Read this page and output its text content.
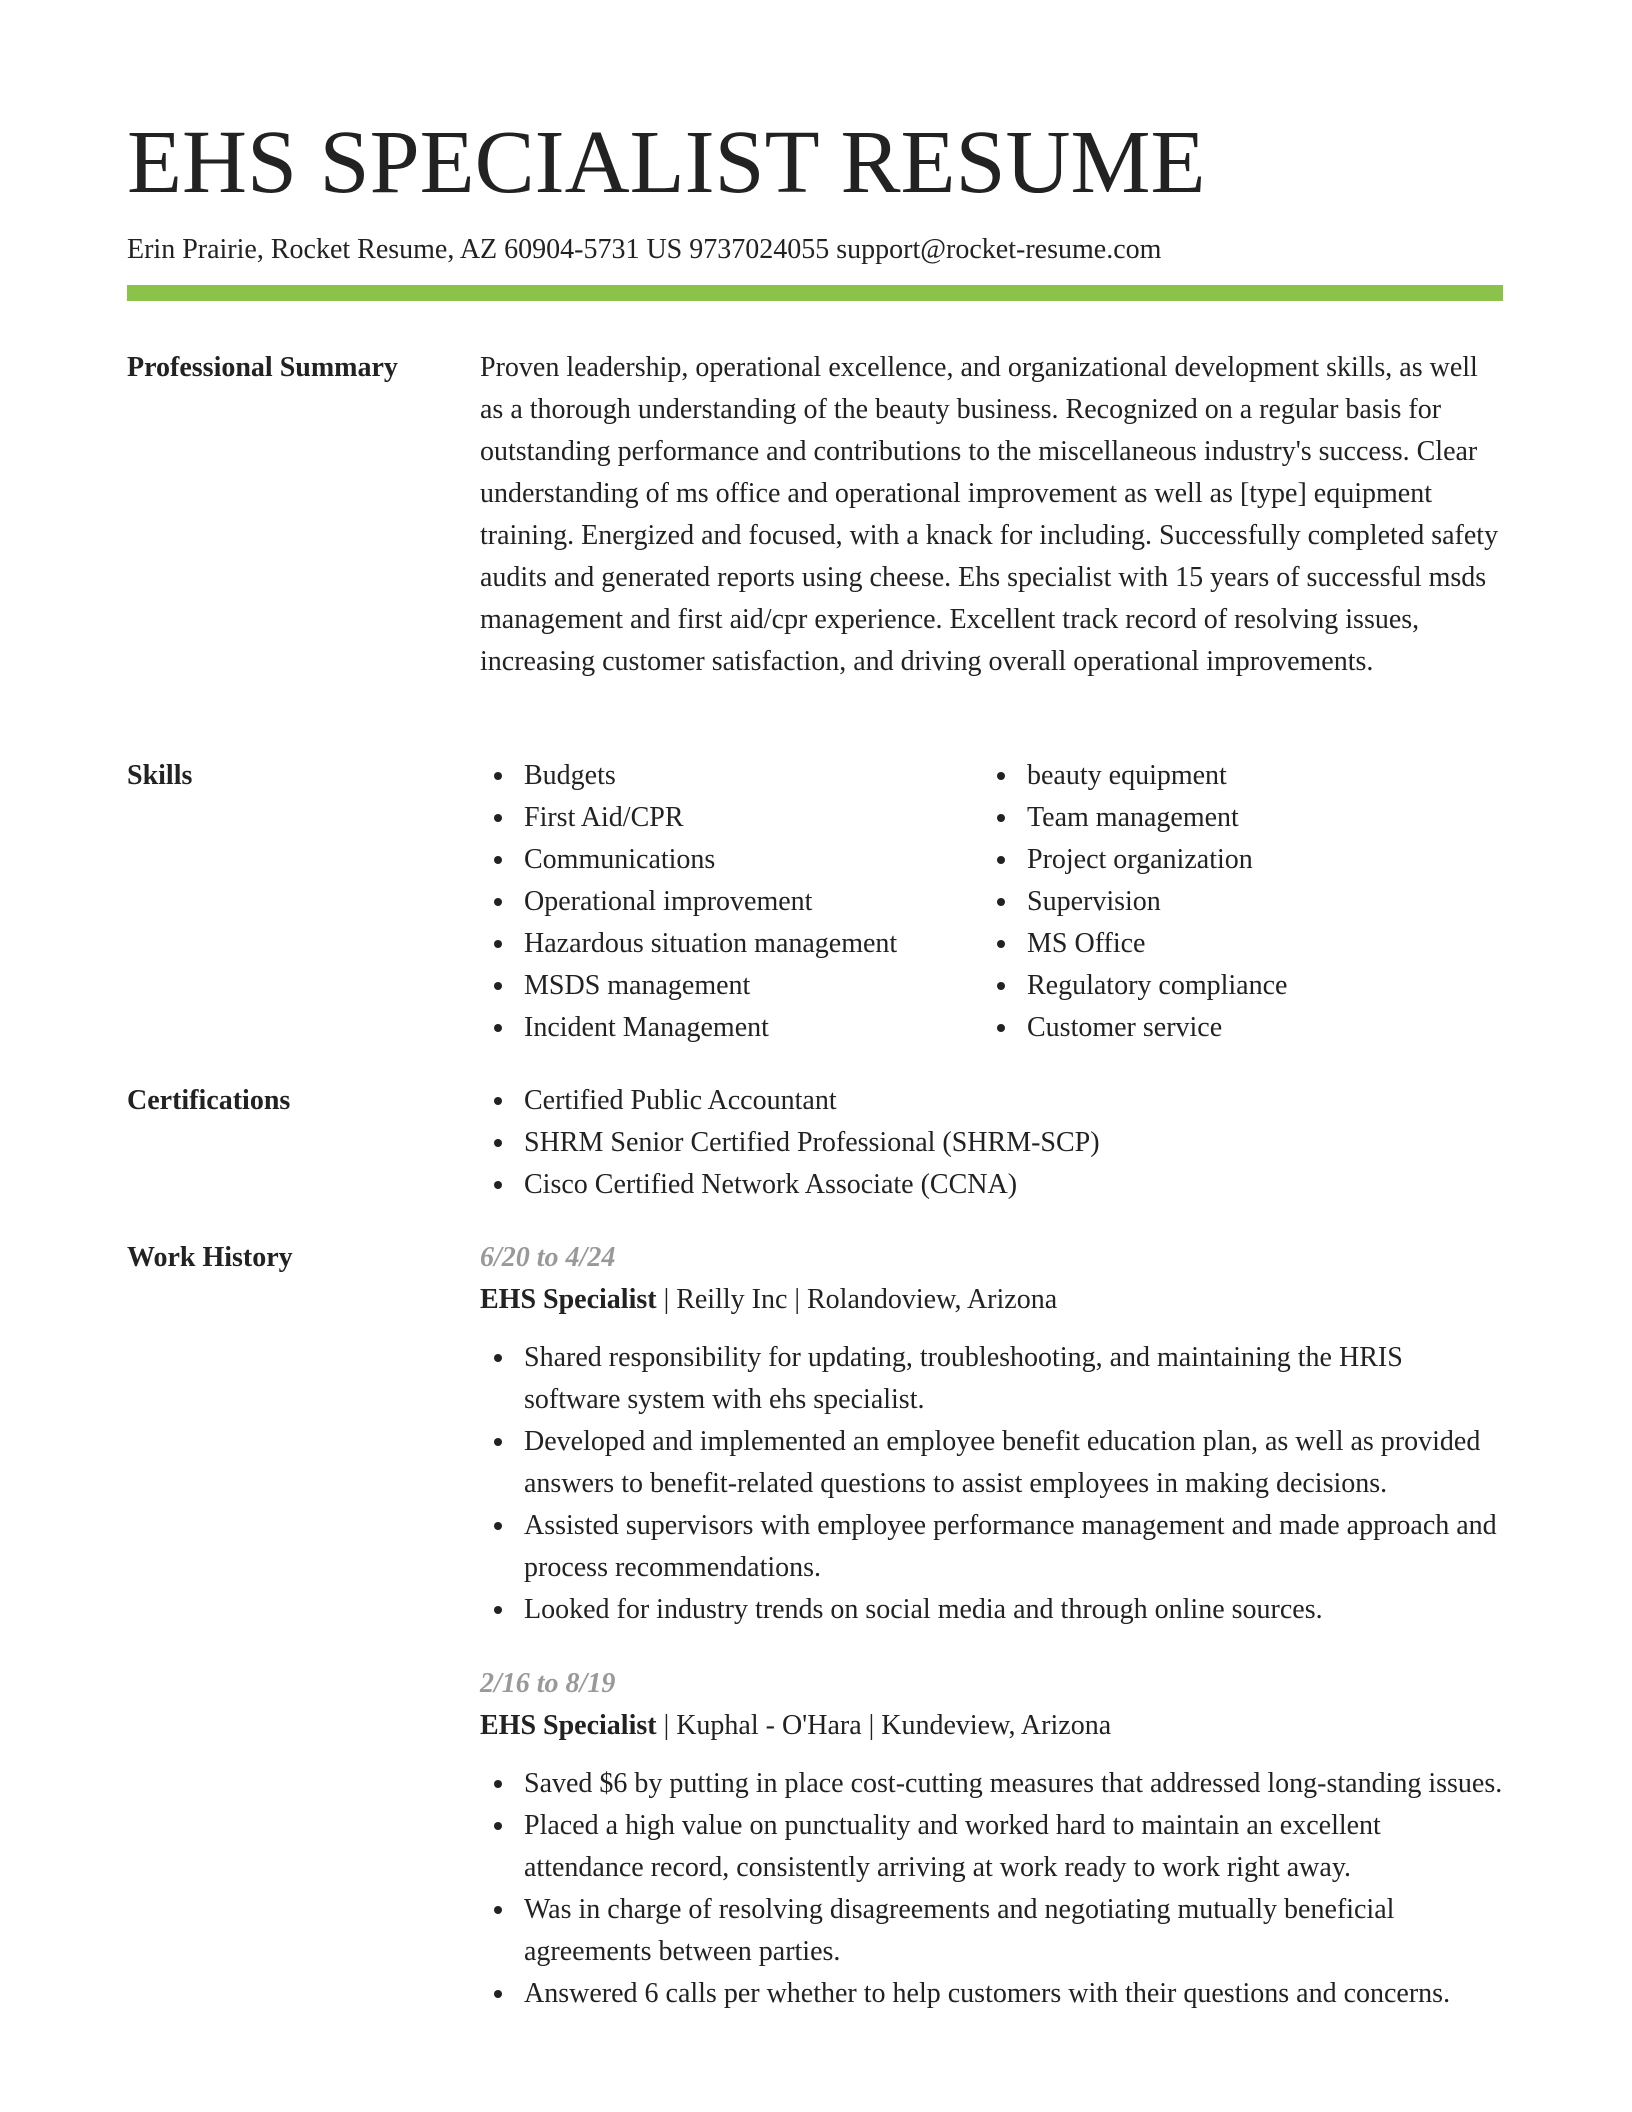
EHS SPECIALIST RESUME
Erin Prairie, Rocket Resume, AZ 60904-5731 US 9737024055 support@rocket-resume.com
Professional Summary	Proven leadership, operational excellence, and organizational development skills, as well as a thorough understanding of the beauty business. Recognized on a regular basis for outstanding performance and contributions to the miscellaneous industry's success. Clear understanding of ms office and operational improvement as well as [type] equipment training. Energized and focused, with a knack for including. Successfully completed safety audits and generated reports using cheese. Ehs specialist with 15 years of successful msds management and first aid/cpr experience. Excellent track record of resolving issues, increasing customer satisfaction, and driving overall operational improvements.

Skills	Budgets
First Aid/CPR
Communications
Operational improvement
Hazardous situation management
MSDS management
Incident Management
beauty equipment
Team management
Project organization
Supervision
MS Office
Regulatory compliance
Customer service
Certifications	Certified Public Accountant
SHRM Senior Certified Professional (SHRM-SCP)
Cisco Certified Network Associate (CCNA)
Work History	6/20 to 4/24
EHS Specialist | Reilly Inc | Rolandoview, Arizona
Shared responsibility for updating, troubleshooting, and maintaining the HRIS software system with ehs specialist.
Developed and implemented an employee benefit education plan, as well as provided answers to benefit-related questions to assist employees in making decisions.
Assisted supervisors with employee performance management and made approach and process recommendations.
Looked for industry trends on social media and through online sources.
2/16 to 8/19
EHS Specialist | Kuphal - O'Hara | Kundeview, Arizona
Saved $6 by putting in place cost-cutting measures that addressed long-standing issues.
Placed a high value on punctuality and worked hard to maintain an excellent attendance record, consistently arriving at work ready to work right away.
Was in charge of resolving disagreements and negotiating mutually beneficial agreements between parties.
Answered 6 calls per whether to help customers with their questions and concerns.
